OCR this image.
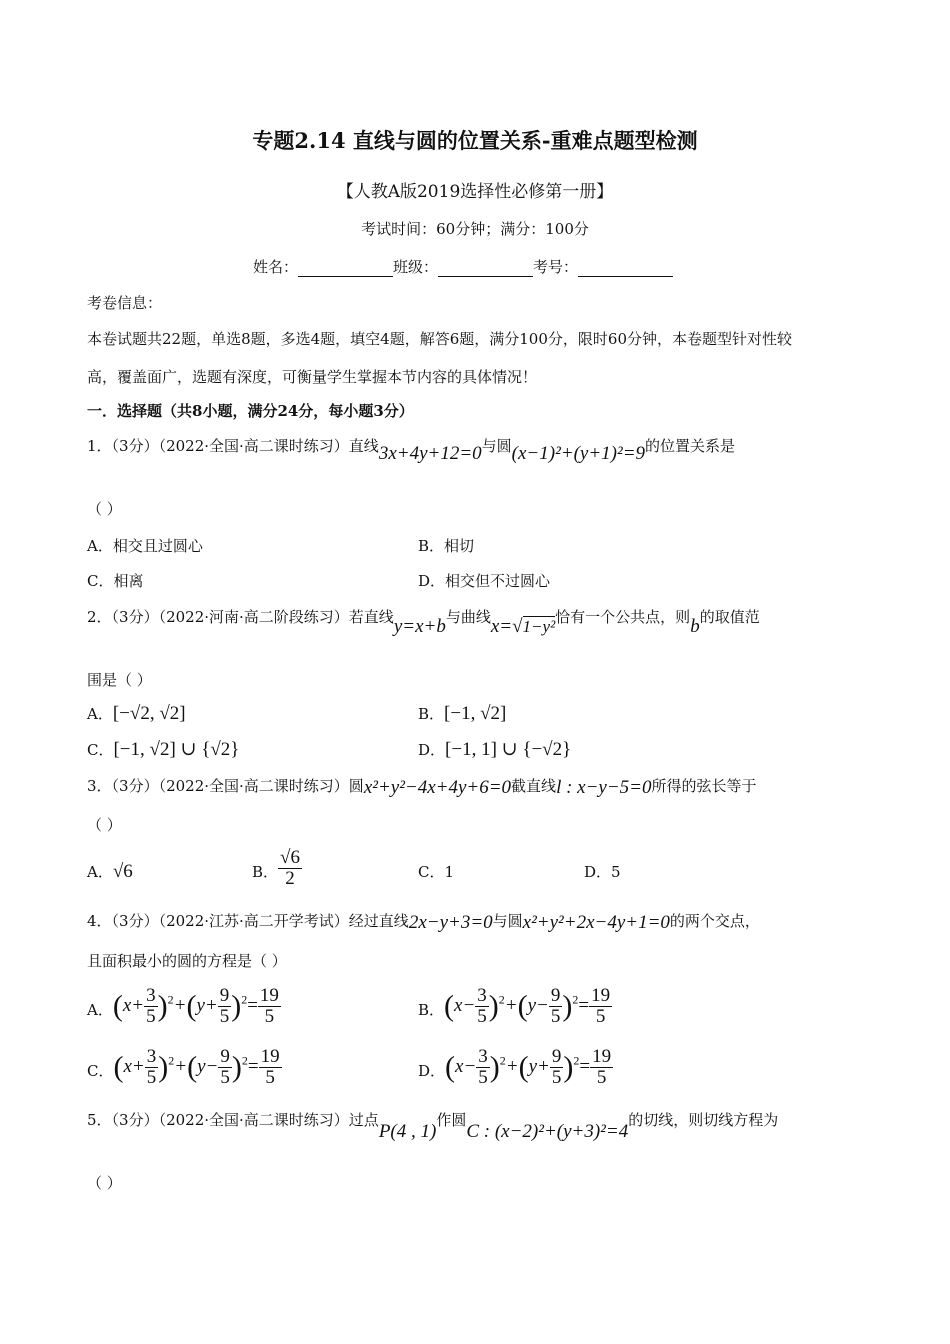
专题2.14 直线与圆的位置关系-重难点题型检测
【人教A版2019选择性必修第一册】
考试时间：60分钟；满分：100分
姓名：	班级：	考号：
考卷信息：
本卷试题共22题，单选8题，多选4题，填空4题，解答6题，满分100分，限时60分钟，本卷题型针对性较
高，覆盖面广，选题有深度，可衡量学生掌握本节内容的具体情况！
一．选择题（共8小题，满分24分，每小题3分）
1．（3分）（2022·全国·高二课时练习）直线3x+4y+12=0与圆(x−1)²+(y+1)²=9的位置关系是
（ ）
A．相交且过圆心	B．相切
C．相离	D．相交但不过圆心
2．（3分）（2022·河南·高二阶段练习）若直线y=x+b与曲线x=√1−y²恰有一个公共点，则b的取值范
围是（ ）
A．[−√2, √2]	B．[−1, √2]
C．[−1, √2] ∪ {√2}	D．[−1, 1] ∪ {−√2}
3．（3分）（2022·全国·高二课时练习）圆x²+y²−4x+4y+6=0截直线l : x−y−5=0所得的弦长等于
（ ）
A．√6	B． $\frac{√6}{2}$	C．1	D．5
4．（3分）（2022·江苏·高二开学考试）经过直线2x−y+3=0与圆x²+y²+2x−4y+1=0的两个交点，
且面积最小的圆的方程是（ ）
A．$(x+ \frac{3}{5} )^2+(y+ \frac{9}{5} )^2= \frac{19}{5}$	B．$(x- \frac{3}{5} )^2+(y- \frac{9}{5} )^2= \frac{19}{5}$
C．$(x+ \frac{3}{5} )^2+(y- \frac{9}{5} )^2= \frac{19}{5}$	D．$(x- \frac{3}{5} )^2+(y+ \frac{9}{5} )^2= \frac{19}{5}$
5．（3分）（2022·全国·高二课时练习）过点P(4 , 1)作圆C : (x−2)²+(y+3)²=4的切线，则切线方程为
（ ）
